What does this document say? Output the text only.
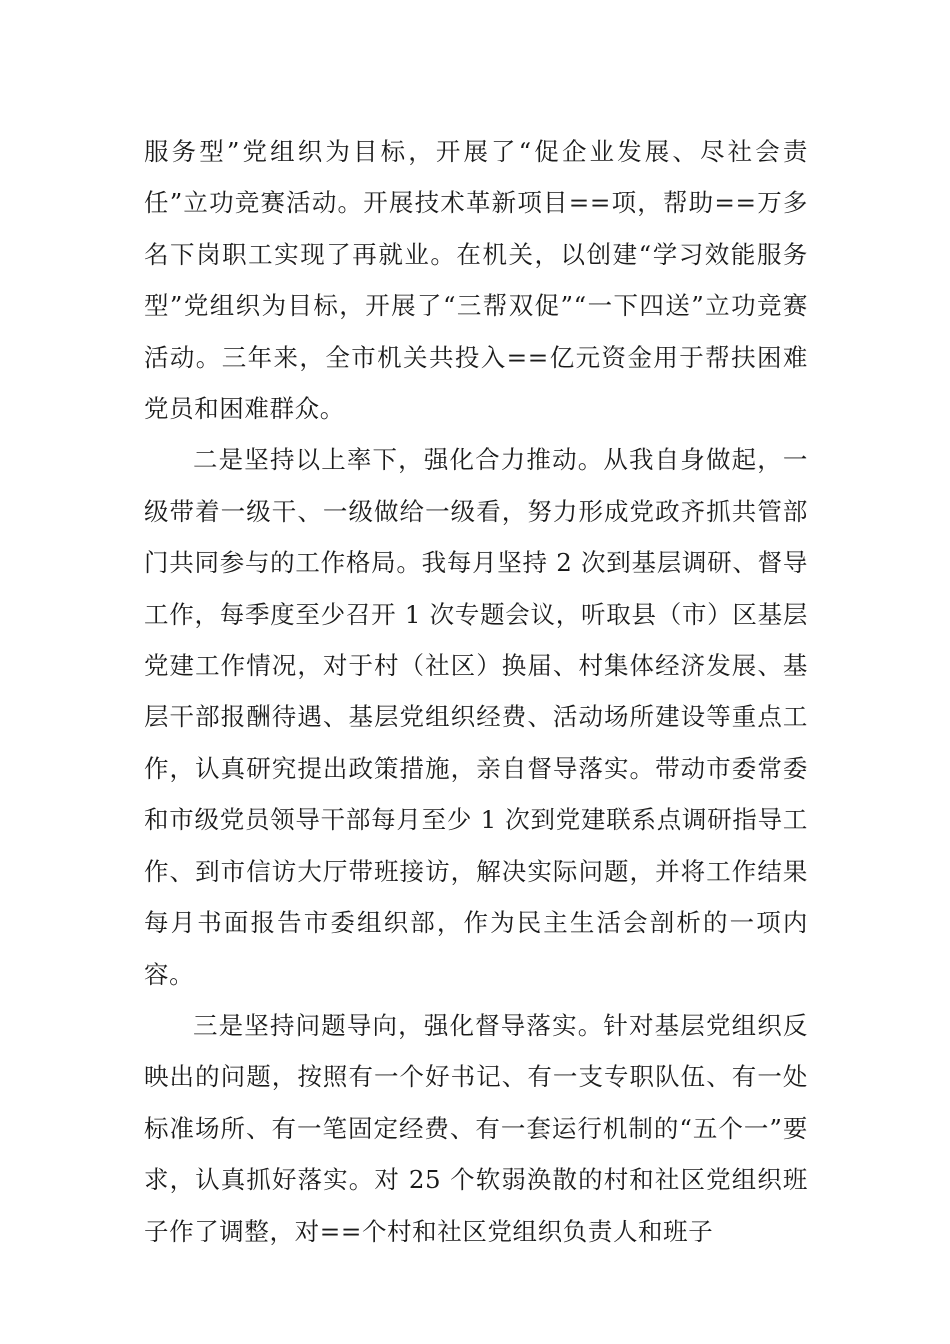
服务型”党组织为目标，开展了“促企业发展、尽社会责任”立功竞赛活动。开展技术革新项目==项，帮助==万多名下岗职工实现了再就业。在机关，以创建“学习效能服务型”党组织为目标，开展了“三帮双促”“一下四送”立功竞赛活动。三年来，全市机关共投入==亿元资金用于帮扶困难党员和困难群众。

二是坚持以上率下，强化合力推动。从我自身做起，一级带着一级干、一级做给一级看，努力形成党政齐抓共管部门共同参与的工作格局。我每月坚持 2 次到基层调研、督导工作，每季度至少召开 1 次专题会议，听取县（市）区基层党建工作情况，对于村（社区）换届、村集体经济发展、基层干部报酬待遇、基层党组织经费、活动场所建设等重点工作，认真研究提出政策措施，亲自督导落实。带动市委常委和市级党员领导干部每月至少 1 次到党建联系点调研指导工作、到市信访大厅带班接访，解决实际问题，并将工作结果每月书面报告市委组织部，作为民主生活会剖析的一项内容。

三是坚持问题导向，强化督导落实。针对基层党组织反映出的问题，按照有一个好书记、有一支专职队伍、有一处标准场所、有一笔固定经费、有一套运行机制的“五个一”要求，认真抓好落实。对 25 个软弱涣散的村和社区党组织班子作了调整，对==个村和社区党组织负责人和班子
